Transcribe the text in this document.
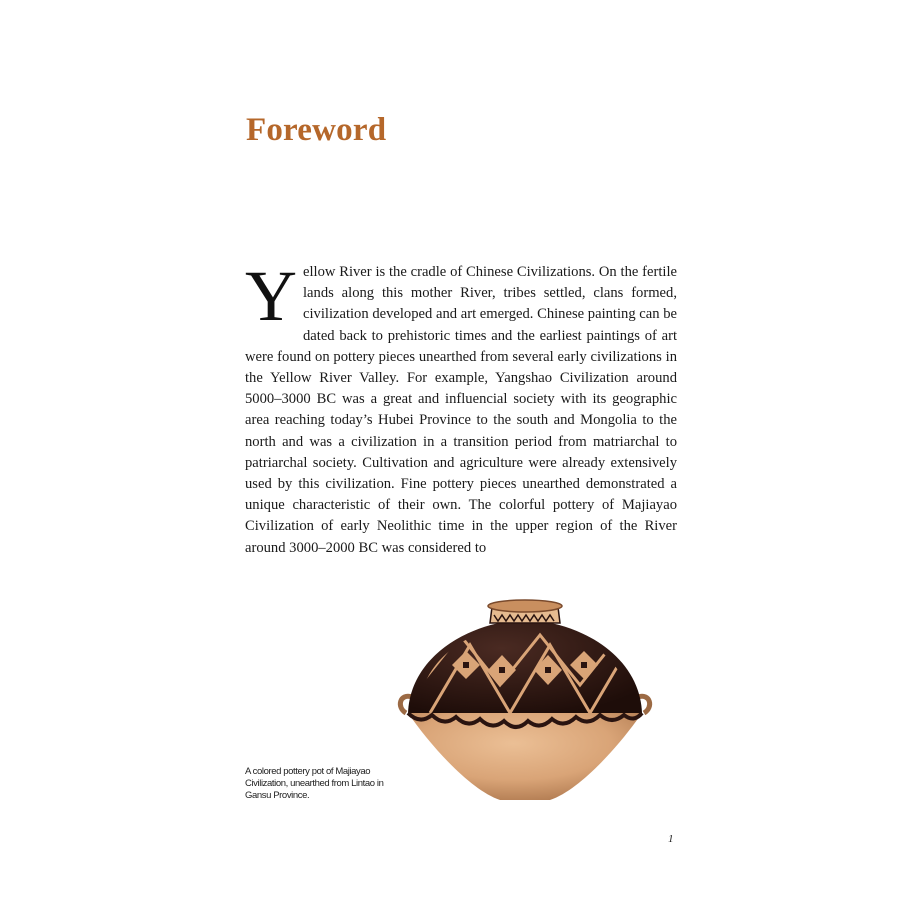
Foreword

Yellow River is the cradle of Chinese Civilizations. On the fertile lands along this mother River, tribes settled, clans formed, civilization developed and art emerged. Chinese painting can be dated back to prehistoric times and the earliest paintings of art were found on pottery pieces unearthed from several early civilizations in the Yellow River Valley. For example, Yangshao Civilization around 5000–3000 BC was a great and influencial society with its geographic area reaching today’s Hubei Province to the south and Mongolia to the north and was a civilization in a transition period from matriarchal to patriarchal society. Cultivation and agriculture were already extensively used by this civilization. Fine pottery pieces unearthed demonstrated a unique characteristic of their own. The colorful pottery of Majiayao Civilization of early Neolithic time in the upper region of the River around 3000–2000 BC was considered to

A colored pottery pot of Majiayao Civilization, unearthed from Lintao in Gansu Province.
1
